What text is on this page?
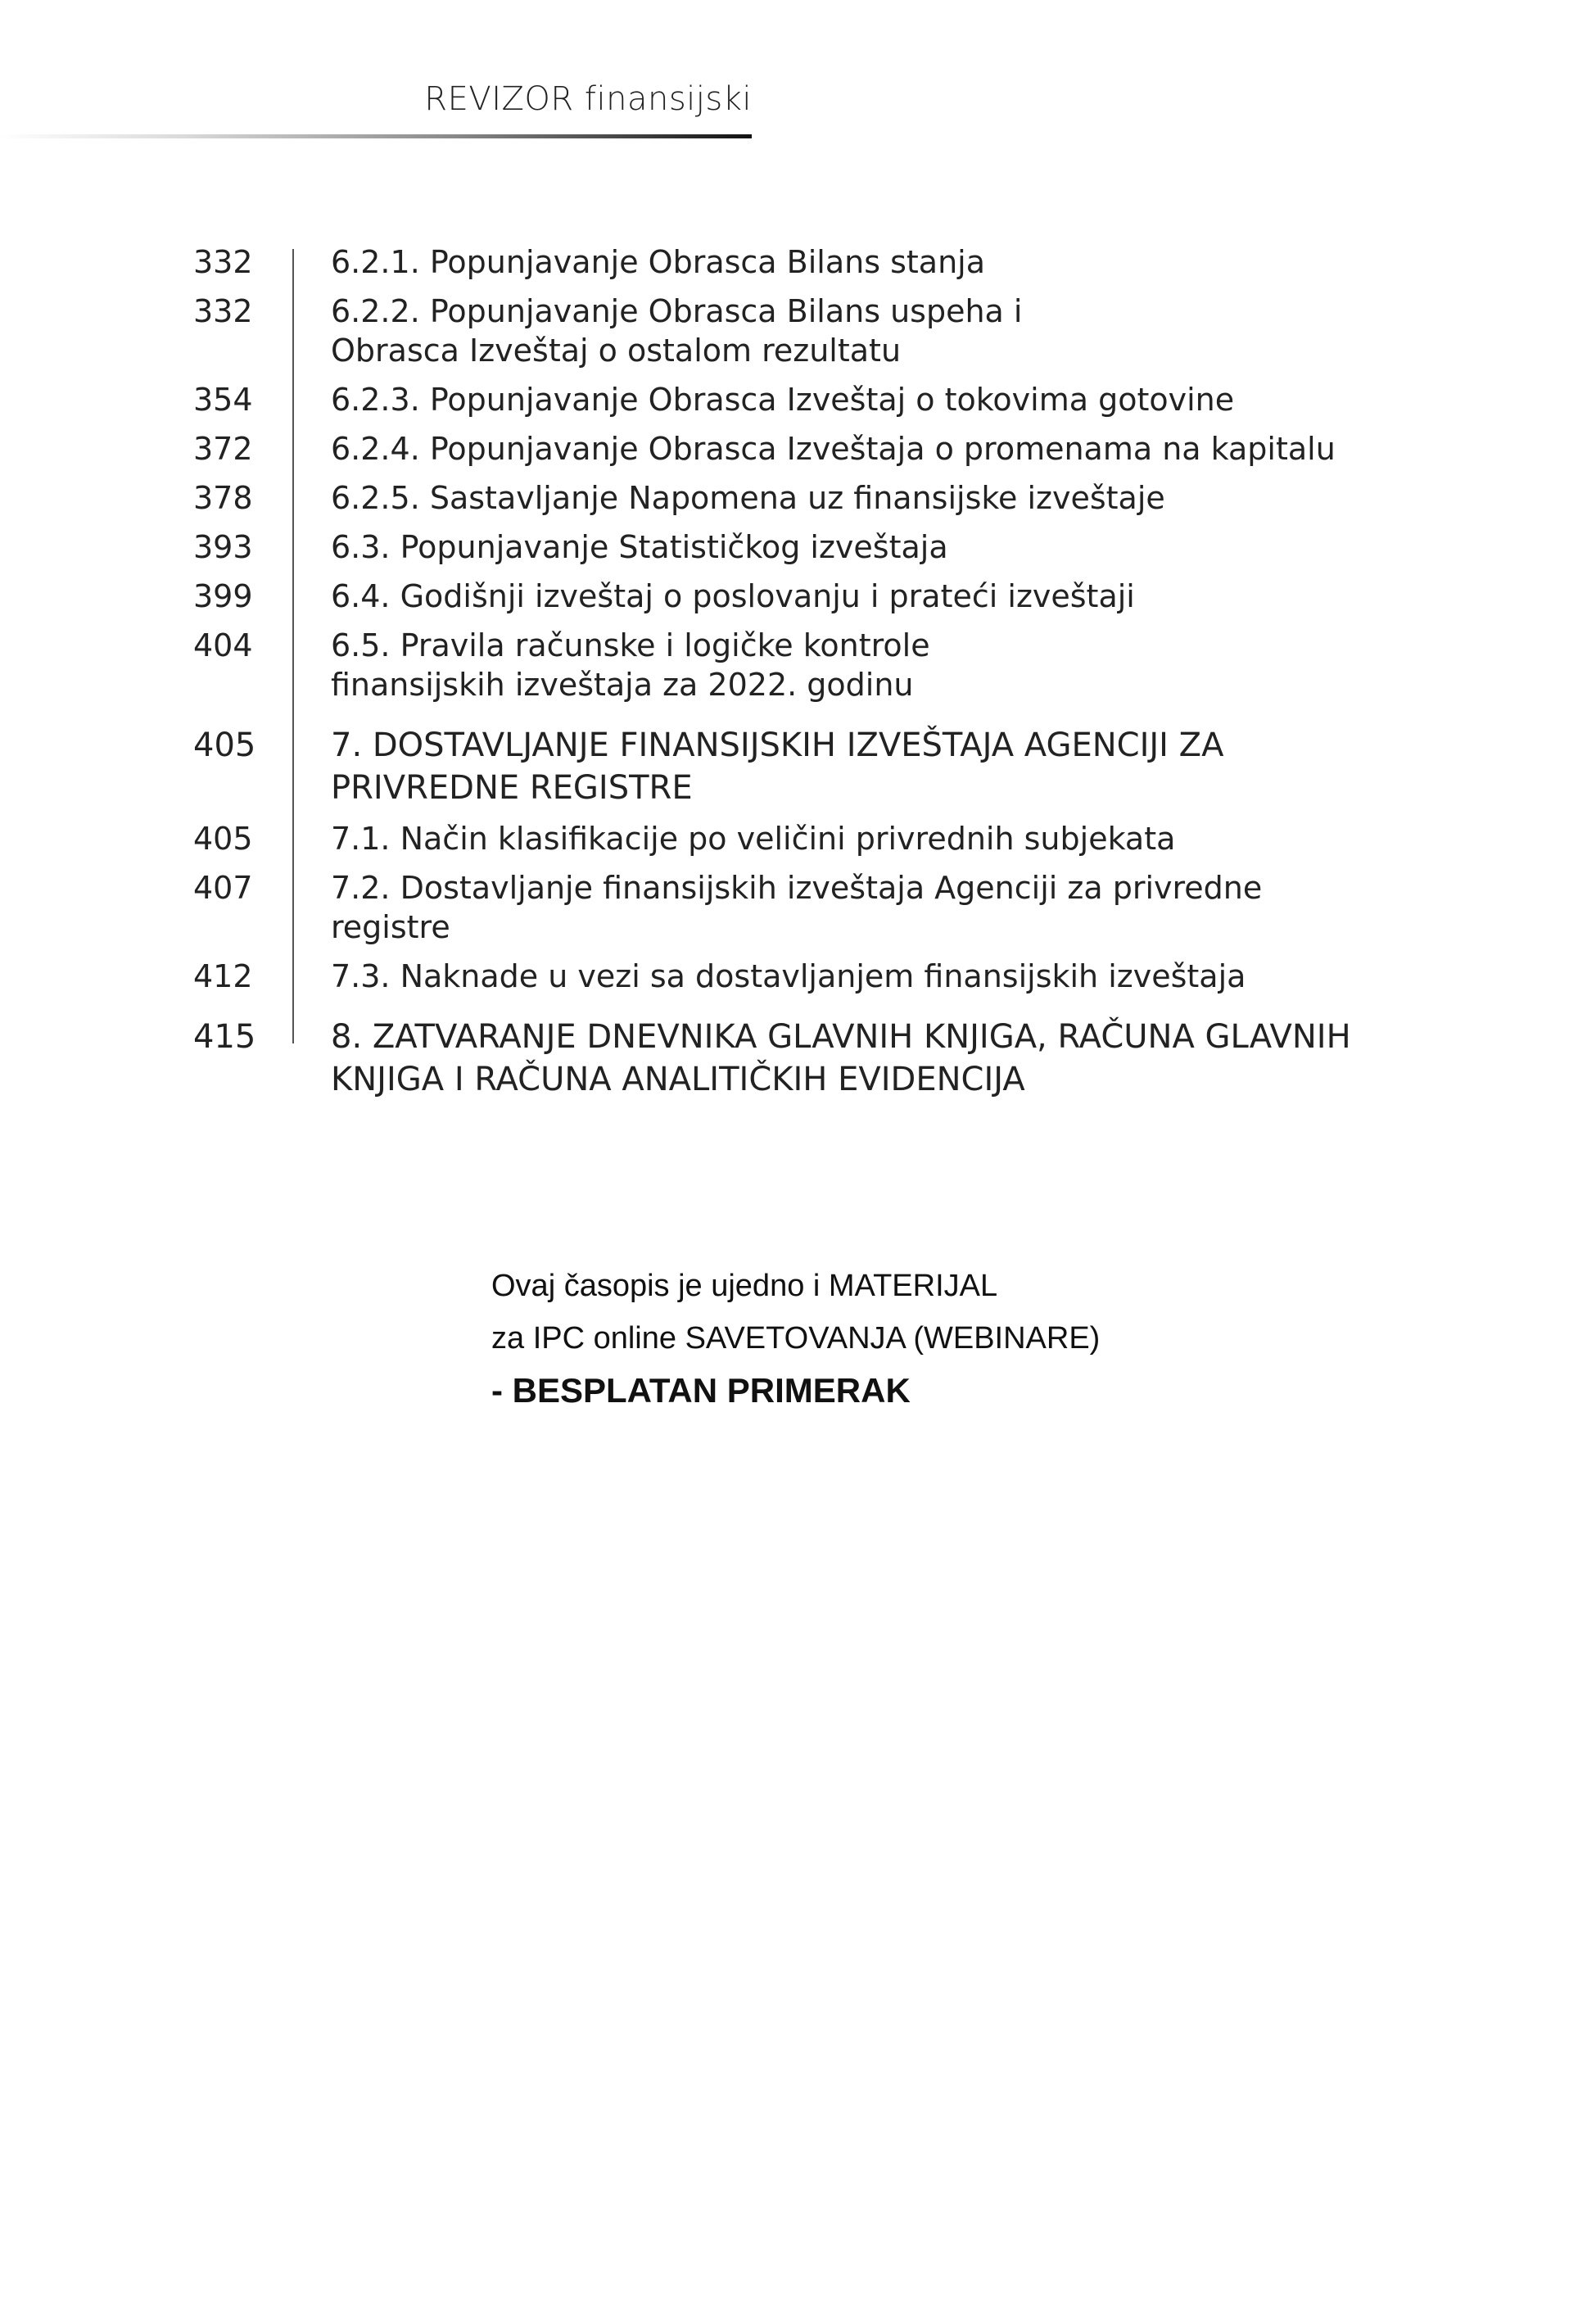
REVIZOR finansijski
332	6.2.1. Popunjavanje Obrasca Bilans stanja
332	6.2.2. Popunjavanje Obrasca Bilans uspeha i
Obrasca Izveštaj o ostalom rezultatu
354	6.2.3. Popunjavanje Obrasca Izveštaj o tokovima gotovine
372	6.2.4. Popunjavanje Obrasca Izveštaja o promenama na kapitalu
378	6.2.5. Sastavljanje Napomena uz finansijske izveštaje
393	6.3. Popunjavanje Statističkog izveštaja
399	6.4. Godišnji izveštaj o poslovanju i prateći izveštaji
404	6.5. Pravila računske i logičke kontrole
finansijskih izveštaja za 2022. godinu
405	7. DOSTAVLJANJE FINANSIJSKIH IZVEŠTAJA AGENCIJI ZA
PRIVREDNE REGISTRE
405	7.1. Način klasifikacije po veličini privrednih subjekata
407	7.2. Dostavljanje finansijskih izveštaja Agenciji za privredne registre
412	7.3. Naknade u vezi sa dostavljanjem finansijskih izveštaja
415	8. ZATVARANJE DNEVNIKA GLAVNIH KNJIGA, RAČUNA GLAVNIH
KNJIGA I RAČUNA ANALITIČKIH EVIDENCIJA
Ovaj časopis je ujedno i MATERIJAL
za IPC online SAVETOVANJA (WEBINARE)
- BESPLATAN PRIMERAK
